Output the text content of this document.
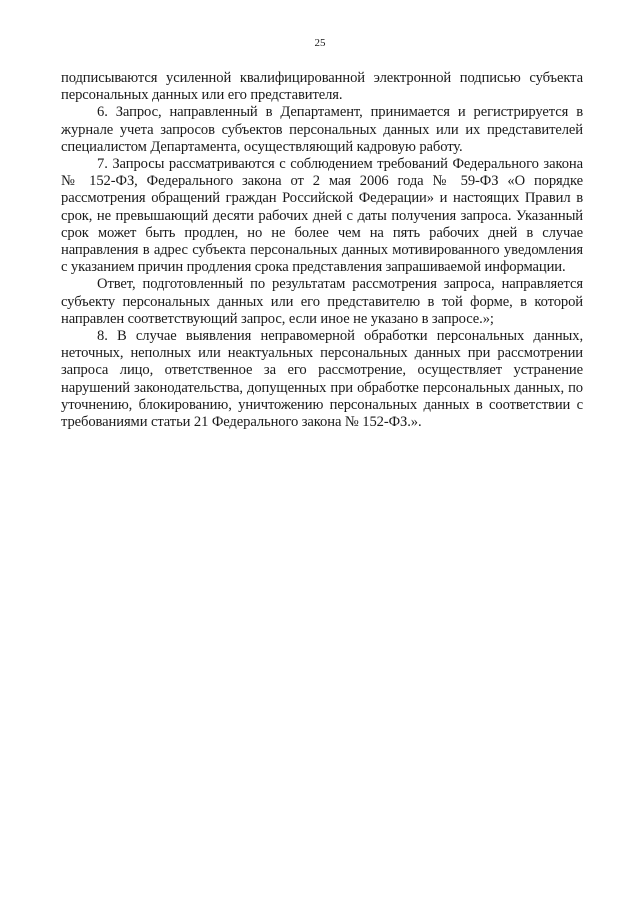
25

подписываются усиленной квалифицированной электронной подписью субъекта персональных данных или его представителя.

6. Запрос, направленный в Департамент, принимается и регистрируется в журнале учета запросов субъектов персональных данных или их представителей специалистом Департамента, осуществляющий кадровую работу.

7. Запросы рассматриваются с соблюдением требований Федерального закона № 152-ФЗ, Федерального закона от 2 мая 2006 года № 59-ФЗ «О порядке рассмотрения обращений граждан Российской Федерации» и настоящих Правил в срок, не превышающий десяти рабочих дней с даты получения запроса. Указанный срок может быть продлен, но не более чем на пять рабочих дней в случае направления в адрес субъекта персональных данных мотивированного уведомления с указанием причин продления срока представления запрашиваемой информации.

Ответ, подготовленный по результатам рассмотрения запроса, направляется субъекту персональных данных или его представителю в той форме, в которой направлен соответствующий запрос, если иное не указано в запросе.»;

8. В случае выявления неправомерной обработки персональных данных, неточных, неполных или неактуальных персональных данных при рассмотрении запроса лицо, ответственное за его рассмотрение, осуществляет устранение нарушений законодательства, допущенных при обработке персональных данных, по уточнению, блокированию, уничтожению персональных данных в соответствии с требованиями статьи 21 Федерального закона № 152-ФЗ.».
